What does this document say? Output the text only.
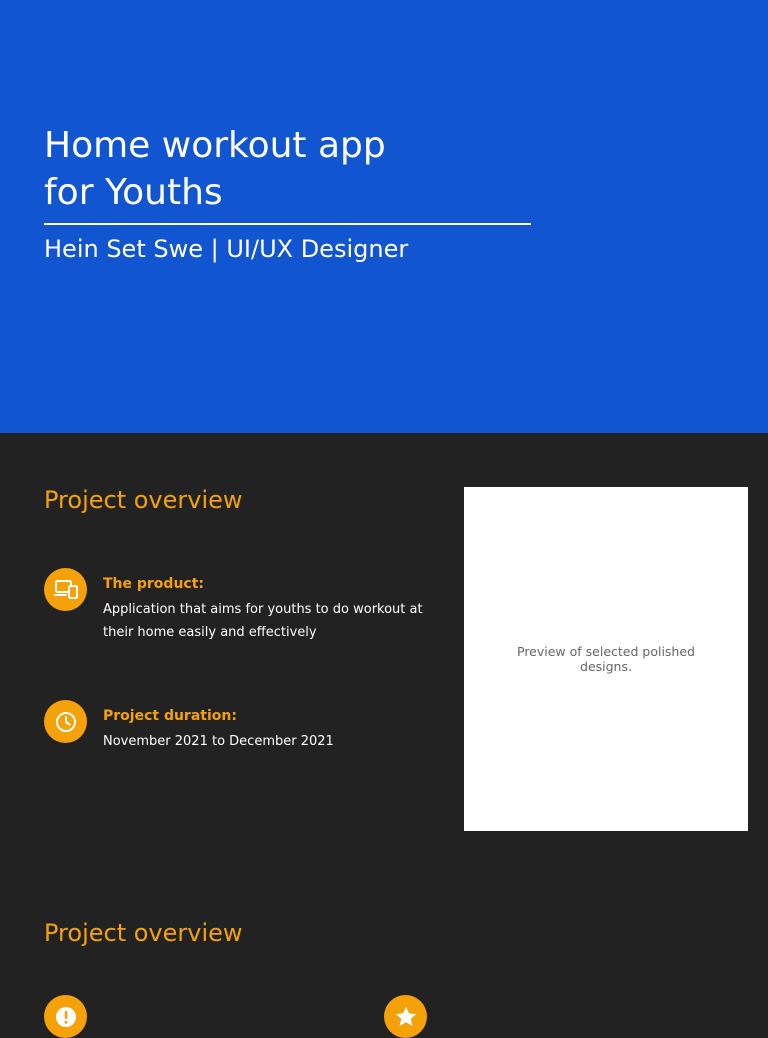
Home workout app
for Youths
Hein Set Swe | UI/UX Designer
Project overview
The product:
Application that aims for youths to do workout at their home easily and effectively
Project duration:
November 2021 to December 2021
Preview of selected polished designs.
Project overview
